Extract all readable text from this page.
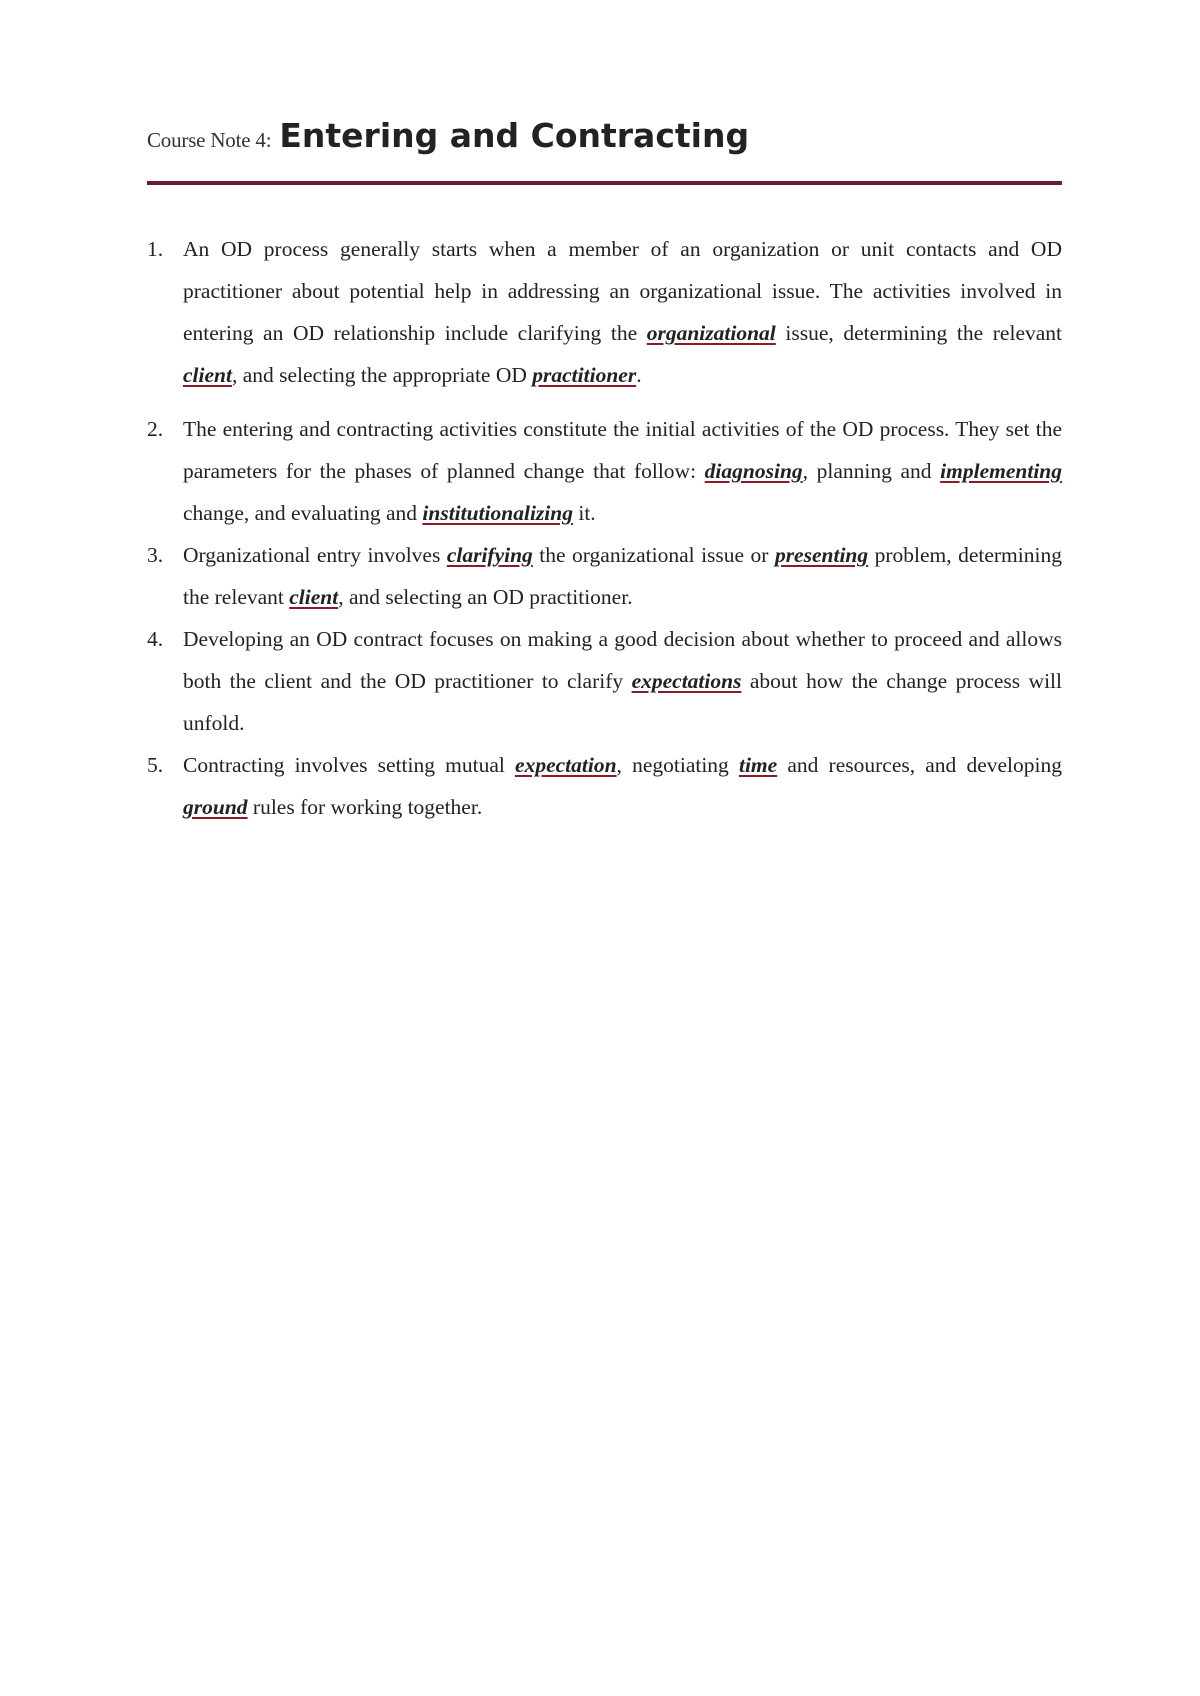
Course Note 4: Entering and Contracting
1. An OD process generally starts when a member of an organization or unit contacts and OD practitioner about potential help in addressing an organizational issue. The activities involved in entering an OD relationship include clarifying the organizational issue, determining the relevant client, and selecting the appropriate OD practitioner.
2. The entering and contracting activities constitute the initial activities of the OD process. They set the parameters for the phases of planned change that follow: diagnosing, planning and implementing change, and evaluating and institutionalizing it.
3. Organizational entry involves clarifying the organizational issue or presenting problem, determining the relevant client, and selecting an OD practitioner.
4. Developing an OD contract focuses on making a good decision about whether to proceed and allows both the client and the OD practitioner to clarify expectations about how the change process will unfold.
5. Contracting involves setting mutual expectation, negotiating time and resources, and developing ground rules for working together.
